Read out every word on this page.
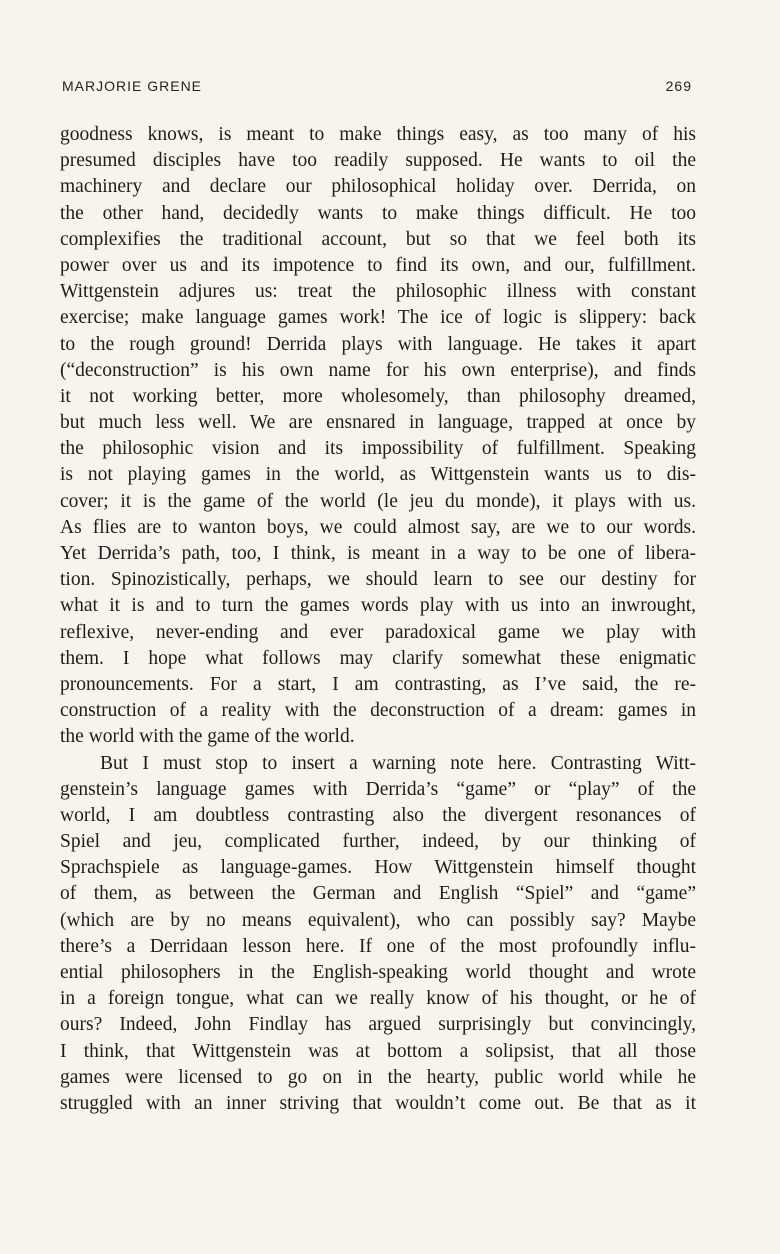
MARJORIE GRENE	269
goodness knows, is meant to make things easy, as too many of his
presumed disciples have too readily supposed. He wants to oil the
machinery and declare our philosophical holiday over. Derrida, on
the other hand, decidedly wants to make things difficult. He too
complexifies the traditional account, but so that we feel both its
power over us and its impotence to find its own, and our, fulfillment.
Wittgenstein adjures us: treat the philosophic illness with constant
exercise; make language games work! The ice of logic is slippery: back
to the rough ground! Derrida plays with language. He takes it apart
(“deconstruction” is his own name for his own enterprise), and finds
it not working better, more wholesomely, than philosophy dreamed,
but much less well. We are ensnared in language, trapped at once by
the philosophic vision and its impossibility of fulfillment. Speaking
is not playing games in the world, as Wittgenstein wants us to dis-
cover; it is the game of the world (le jeu du monde), it plays with us.
As flies are to wanton boys, we could almost say, are we to our words.
Yet Derrida’s path, too, I think, is meant in a way to be one of libera-
tion. Spinozistically, perhaps, we should learn to see our destiny for
what it is and to turn the games words play with us into an inwrought,
reflexive, never-ending and ever paradoxical game we play with
them. I hope what follows may clarify somewhat these enigmatic
pronouncements. For a start, I am contrasting, as I’ve said, the re-
construction of a reality with the deconstruction of a dream: games in
the world with the game of the world.
But I must stop to insert a warning note here. Contrasting Witt-
genstein’s language games with Derrida’s “game” or “play” of the
world, I am doubtless contrasting also the divergent resonances of
Spiel and jeu, complicated further, indeed, by our thinking of
Sprachspiele as language-games. How Wittgenstein himself thought
of them, as between the German and English “Spiel” and “game”
(which are by no means equivalent), who can possibly say? Maybe
there’s a Derridaan lesson here. If one of the most profoundly influ-
ential philosophers in the English-speaking world thought and wrote
in a foreign tongue, what can we really know of his thought, or he of
ours? Indeed, John Findlay has argued surprisingly but convincingly,
I think, that Wittgenstein was at bottom a solipsist, that all those
games were licensed to go on in the hearty, public world while he
struggled with an inner striving that wouldn’t come out. Be that as it
